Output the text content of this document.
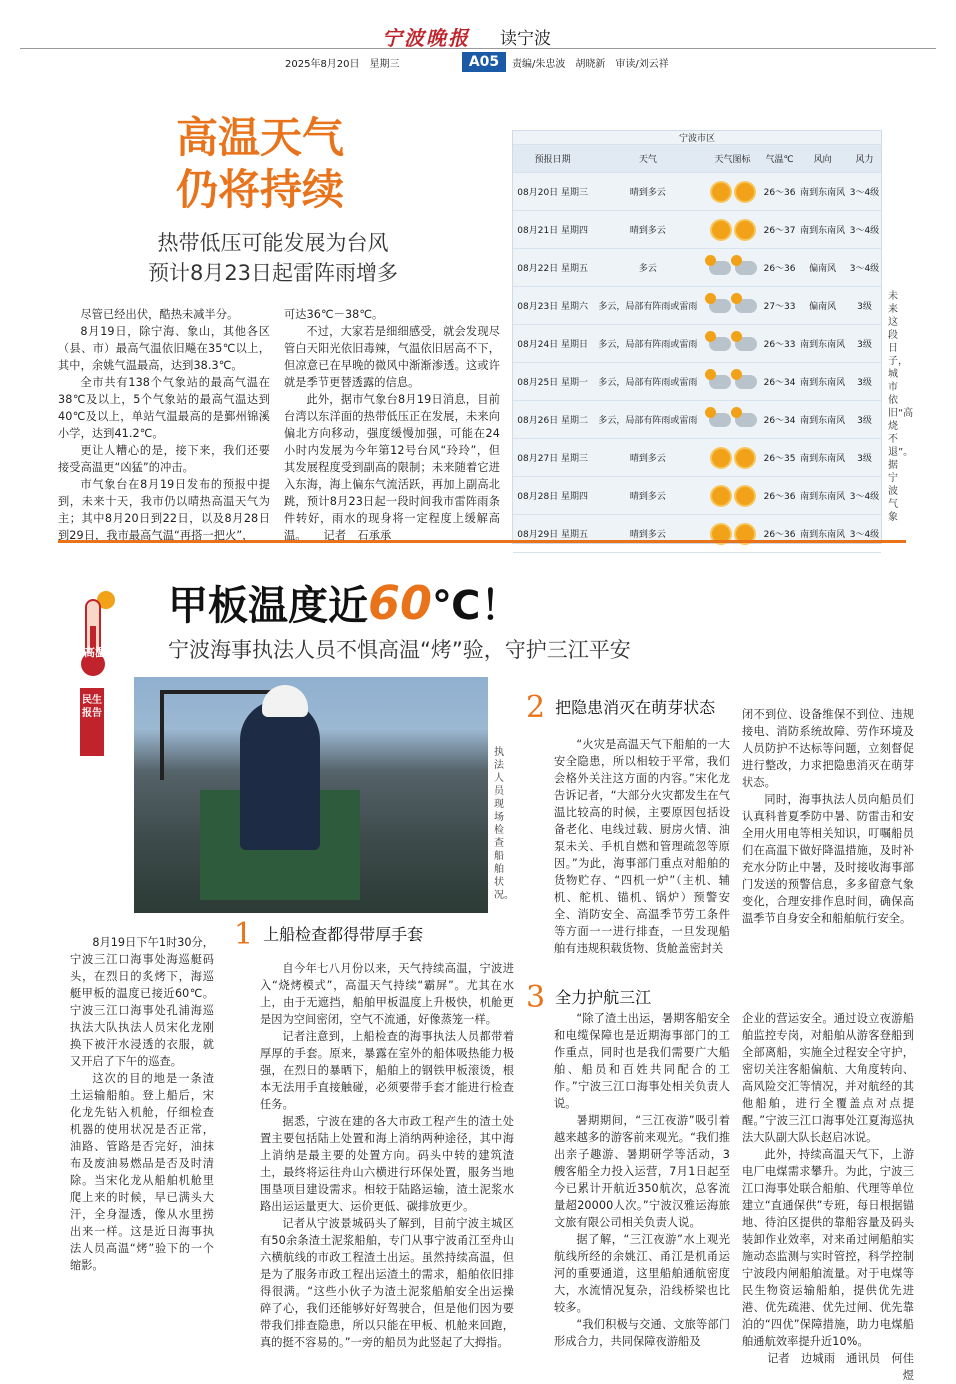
宁波晚报 读宁波
2025年8月20日　星期三	A05	责编/朱忠波　胡晓新　审读/刘云祥
高温天气
仍将持续
热带低压可能发展为台风
预计8月23日起雷阵雨增多

尽管已经出伏，酷热未减半分。

8月19日，除宁海、象山，其他各区（县、市）最高气温依旧飚在35℃以上，其中，余姚气温最高，达到38.3℃。

全市共有138个气象站的最高气温在38℃及以上，5个气象站的最高气温达到40℃及以上，单站气温最高的是鄞州锦溪小学，达到41.2℃。

更让人糟心的是，接下来，我们还要接受高温更“凶猛”的冲击。

市气象台在8月19日发布的预报中提到，未来十天，我市仍以晴热高温天气为主；其中8月20日到22日，以及8月28日到29日，我市最高气温“再搭一把火”，

可达36℃－38℃。

不过，大家若是细细感受，就会发现尽管白天阳光依旧毒辣，气温依旧居高不下，但凉意已在早晚的微风中渐渐渗透。这或许就是季节更替透露的信息。

此外，据市气象台8月19日消息，目前台湾以东洋面的热带低压正在发展，未来向偏北方向移动，强度缓慢加强，可能在24小时内发展为今年第12号台风“玲玲”，但其发展程度受到副高的限制；未来随着它进入东海，海上偏东气流活跃，再加上副高北跳，预计8月23日起一段时间我市雷阵雨条件转好，雨水的现身将一定程度上缓解高温。　　记者　石承承

宁波市区					
预报日期	天气	天气图标	气温℃	风向	风力
08月20日 星期三	晴到多云		26～36	南到东南风	3～4级
08月21日 星期四	晴到多云		26～37	南到东南风	3～4级
08月22日 星期五	多云		26～36	偏南风	3～4级
08月23日 星期六	多云，局部有阵雨或雷雨		27～33	偏南风	3级
08月24日 星期日	多云，局部有阵雨或雷雨		26～33	南到东南风	3级
08月25日 星期一	多云，局部有阵雨或雷雨		26～34	南到东南风	3级
08月26日 星期二	多云，局部有阵雨或雷雨		26～34	南到东南风	3级
08月27日 星期三	晴到多云		26～35	南到东南风	3级
08月28日 星期四	晴到多云		26～36	南到东南风	3～4级
08月29日 星期五	晴到多云		26～36	南到东南风	3～4级
未来这段日子，城市依旧“高烧不退”。据宁波气象
高温
民生报告
甲板温度近60℃！
宁波海事执法人员不惧高温“烤”验，守护三江平安
执法人员现场检查船舶状况。

8月19日下午1时30分，宁波三江口海事处海巡艇码头，在烈日的炙烤下，海巡艇甲板的温度已接近60℃。宁波三江口海事处孔浦海巡执法大队执法人员宋化龙刚换下被汗水浸透的衣服，就又开启了下午的巡查。

这次的目的地是一条渣土运输船舶。登上船后，宋化龙先钻入机舱，仔细检查机器的使用状况是否正常，油路、管路是否完好，油抹布及废油易燃品是否及时清除。当宋化龙从船舶机舱里爬上来的时候，早已满头大汗，全身湿透，像从水里捞出来一样。这是近日海事执法人员高温“烤”验下的一个缩影。

1 上船检查都得带厚手套

自今年七八月份以来，天气持续高温，宁波进入“烧烤模式”，高温天气持续“霸屏”。尤其在水上，由于无遮挡，船舶甲板温度上升极快，机舱更是因为空间密闭，空气不流通，好像蒸笼一样。

记者注意到，上船检查的海事执法人员都带着厚厚的手套。原来，暴露在室外的船体吸热能力极强，在烈日的暴晒下，船舶上的钢铁甲板滚烫，根本无法用手直接触碰，必须要带手套才能进行检查任务。

据悉，宁波在建的各大市政工程产生的渣土处置主要包括陆上处置和海上消纳两种途径，其中海上消纳是最主要的处置方向。码头中转的建筑渣土，最终将运往舟山六横进行环保处置，服务当地围垦项目建设需求。相较于陆路运输，渣土泥浆水路出运运量更大、运价更低、碳排放更少。

记者从宁波景城码头了解到，目前宁波主城区有50余条渣土泥浆船舶，专门从事宁波甬江至舟山六横航线的市政工程渣土出运。虽然持续高温，但是为了服务市政工程出运渣土的需求，船舶依旧排得很满。“这些小伙子为渣土泥浆船舶安全出运操碎了心，我们还能够好好驾驶合，但是他们因为要带我们排查隐患，所以只能在甲板、机舱来回跑，真的挺不容易的。”一旁的船员为此竖起了大拇指。

2 把隐患消灭在萌芽状态

“火灾是高温天气下船舶的一大安全隐患，所以相较于平常，我们会格外关注这方面的内容。”宋化龙告诉记者，“大部分火灾都发生在气温比较高的时候，主要原因包括设备老化、电线过载、厨房火情、油泵未关、手机自燃和管理疏忽等原因。”为此，海事部门重点对船舶的货物贮存、“四机一炉”（主机、辅机、舵机、锚机、锅炉）预警安全、消防安全、高温季节劳工条件等方面一一进行排查，一旦发现船舶有违规积载货物、货舱盖密封关

闭不到位、设备维保不到位、违规接电、消防系统故障、劳作环境及人员防护不达标等问题，立刻督促进行整改，力求把隐患消灭在萌芽状态。

同时，海事执法人员向船员们认真科普夏季防中暑、防雷击和安全用火用电等相关知识，叮嘱船员们在高温下做好降温措施，及时补充水分防止中暑，及时接收海事部门发送的预警信息，多多留意气象变化，合理安排作息时间，确保高温季节自身安全和船舶航行安全。

3 全力护航三江

“除了渣土出运，暑期客船安全和电缆保障也是近期海事部门的工作重点，同时也是我们需要广大船舶、船员和百姓共同配合的工作。”宁波三江口海事处相关负责人说。

暑期期间，“三江夜游”吸引着越来越多的游客前来观光。“我们推出亲子趣游、暑期研学等活动，3艘客船全力投入运营，7月1日起至今已累计开航近350航次，总客流量超20000人次。”宁波汉雅运海旅文旅有限公司相关负责人说。

据了解，“三江夜游”水上观光航线所经的余姚江、甬江是机甬运河的重要通道，这里船舶通航密度大，水流情况复杂，沿线桥梁也比较多。

“我们积极与交通、文旅等部门形成合力，共同保障夜游船及

企业的营运安全。通过设立夜游船舶监控专岗，对船舶从游客登船到全部离船，实施全过程安全守护，密切关注客船偏航、大角度转向、高风险交汇等情况，并对航经的其他船舶，进行全覆盖点对点提醒。”宁波三江口海事处江夏海巡执法大队副大队长赵启冰说。

此外，持续高温天气下，上游电厂电煤需求攀升。为此，宁波三江口海事处联合船舶、代理等单位建立“直通保供”专班，每日根据锚地、待泊区提供的靠船容量及码头装卸作业效率，对来甬过闸船舶实施动态监测与实时管控，科学控制宁波段内闸船舶流量。对于电煤等民生物资运输船舶，提供优先进港、优先疏港、优先过闸、优先靠泊的“四优”保障措施，助力电煤船舶通航效率提升近10%。

记者　边城雨　通讯员　何佳煜
